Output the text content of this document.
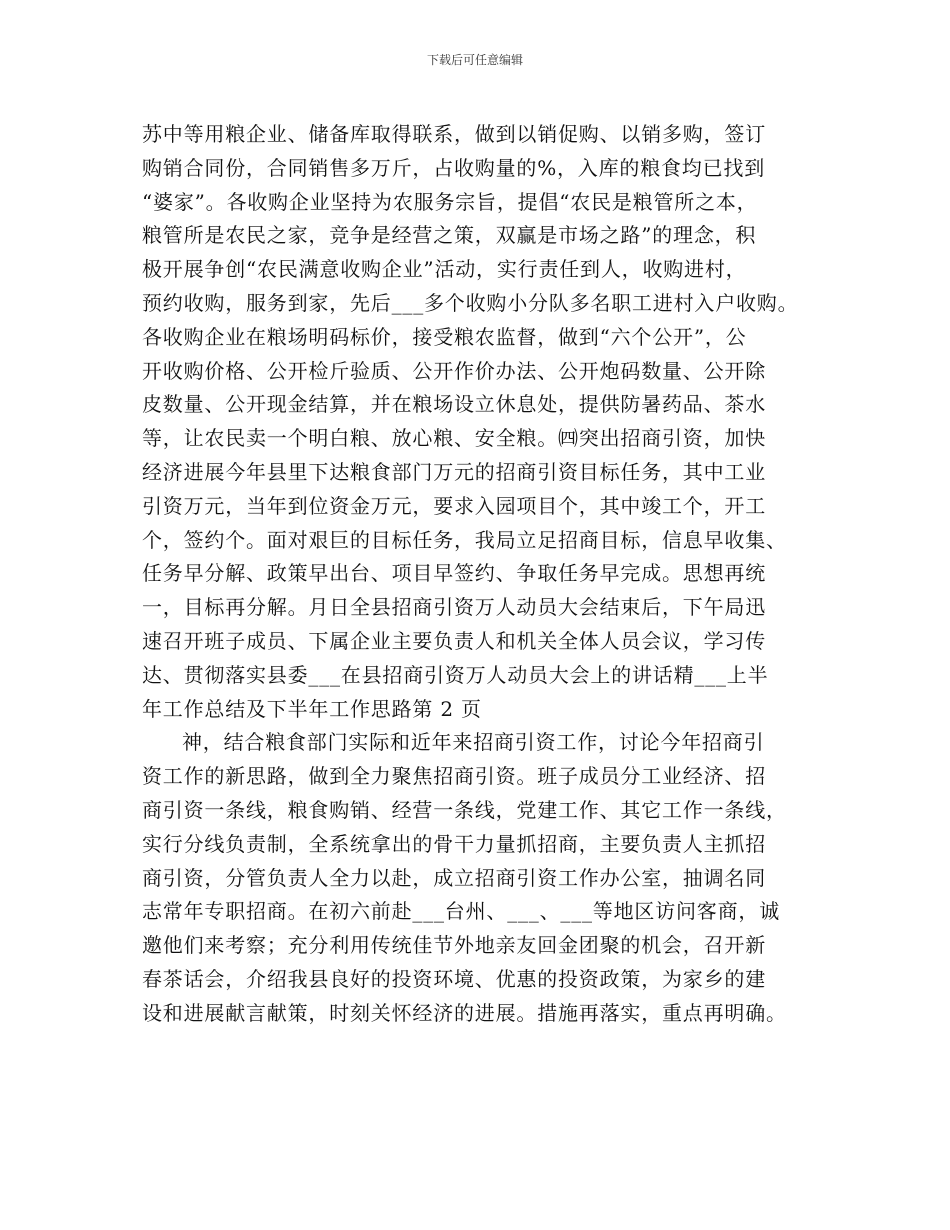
下载后可任意编辑
苏中等用粮企业、储备库取得联系，做到以销促购、以销多购，签订
购销合同份，合同销售多万斤，占收购量的%，入库的粮食均已找到
“婆家”。各收购企业坚持为农服务宗旨，提倡“农民是粮管所之本，
粮管所是农民之家，竞争是经营之策，双赢是市场之路”的理念，积
极开展争创“农民满意收购企业”活动，实行责任到人，收购进村，
预约收购，服务到家，先后___多个收购小分队多名职工进村入户收购。
各收购企业在粮场明码标价，接受粮农监督，做到“六个公开”，公
开收购价格、公开检斤验质、公开作价办法、公开炮码数量、公开除
皮数量、公开现金结算，并在粮场设立休息处，提供防暑药品、茶水
等，让农民卖一个明白粮、放心粮、安全粮。㈣突出招商引资，加快
经济进展今年县里下达粮食部门万元的招商引资目标任务，其中工业
引资万元，当年到位资金万元，要求入园项目个，其中竣工个，开工
个，签约个。面对艰巨的目标任务，我局立足招商目标，信息早收集、
任务早分解、政策早出台、项目早签约、争取任务早完成。思想再统
一，目标再分解。月日全县招商引资万人动员大会结束后，下午局迅
速召开班子成员、下属企业主要负责人和机关全体人员会议，学习传
达、贯彻落实县委___在县招商引资万人动员大会上的讲话精___上半
年工作总结及下半年工作思路第 2 页
神，结合粮食部门实际和近年来招商引资工作，讨论今年招商引
资工作的新思路，做到全力聚焦招商引资。班子成员分工业经济、招
商引资一条线，粮食购销、经营一条线，党建工作、其它工作一条线，
实行分线负责制，全系统拿出的骨干力量抓招商，主要负责人主抓招
商引资，分管负责人全力以赴，成立招商引资工作办公室，抽调名同
志常年专职招商。在初六前赴___台州、___、___等地区访问客商，诚
邀他们来考察；充分利用传统佳节外地亲友回金团聚的机会，召开新
春茶话会，介绍我县良好的投资环境、优惠的投资政策，为家乡的建
设和进展献言献策，时刻关怀经济的进展。措施再落实，重点再明确。
